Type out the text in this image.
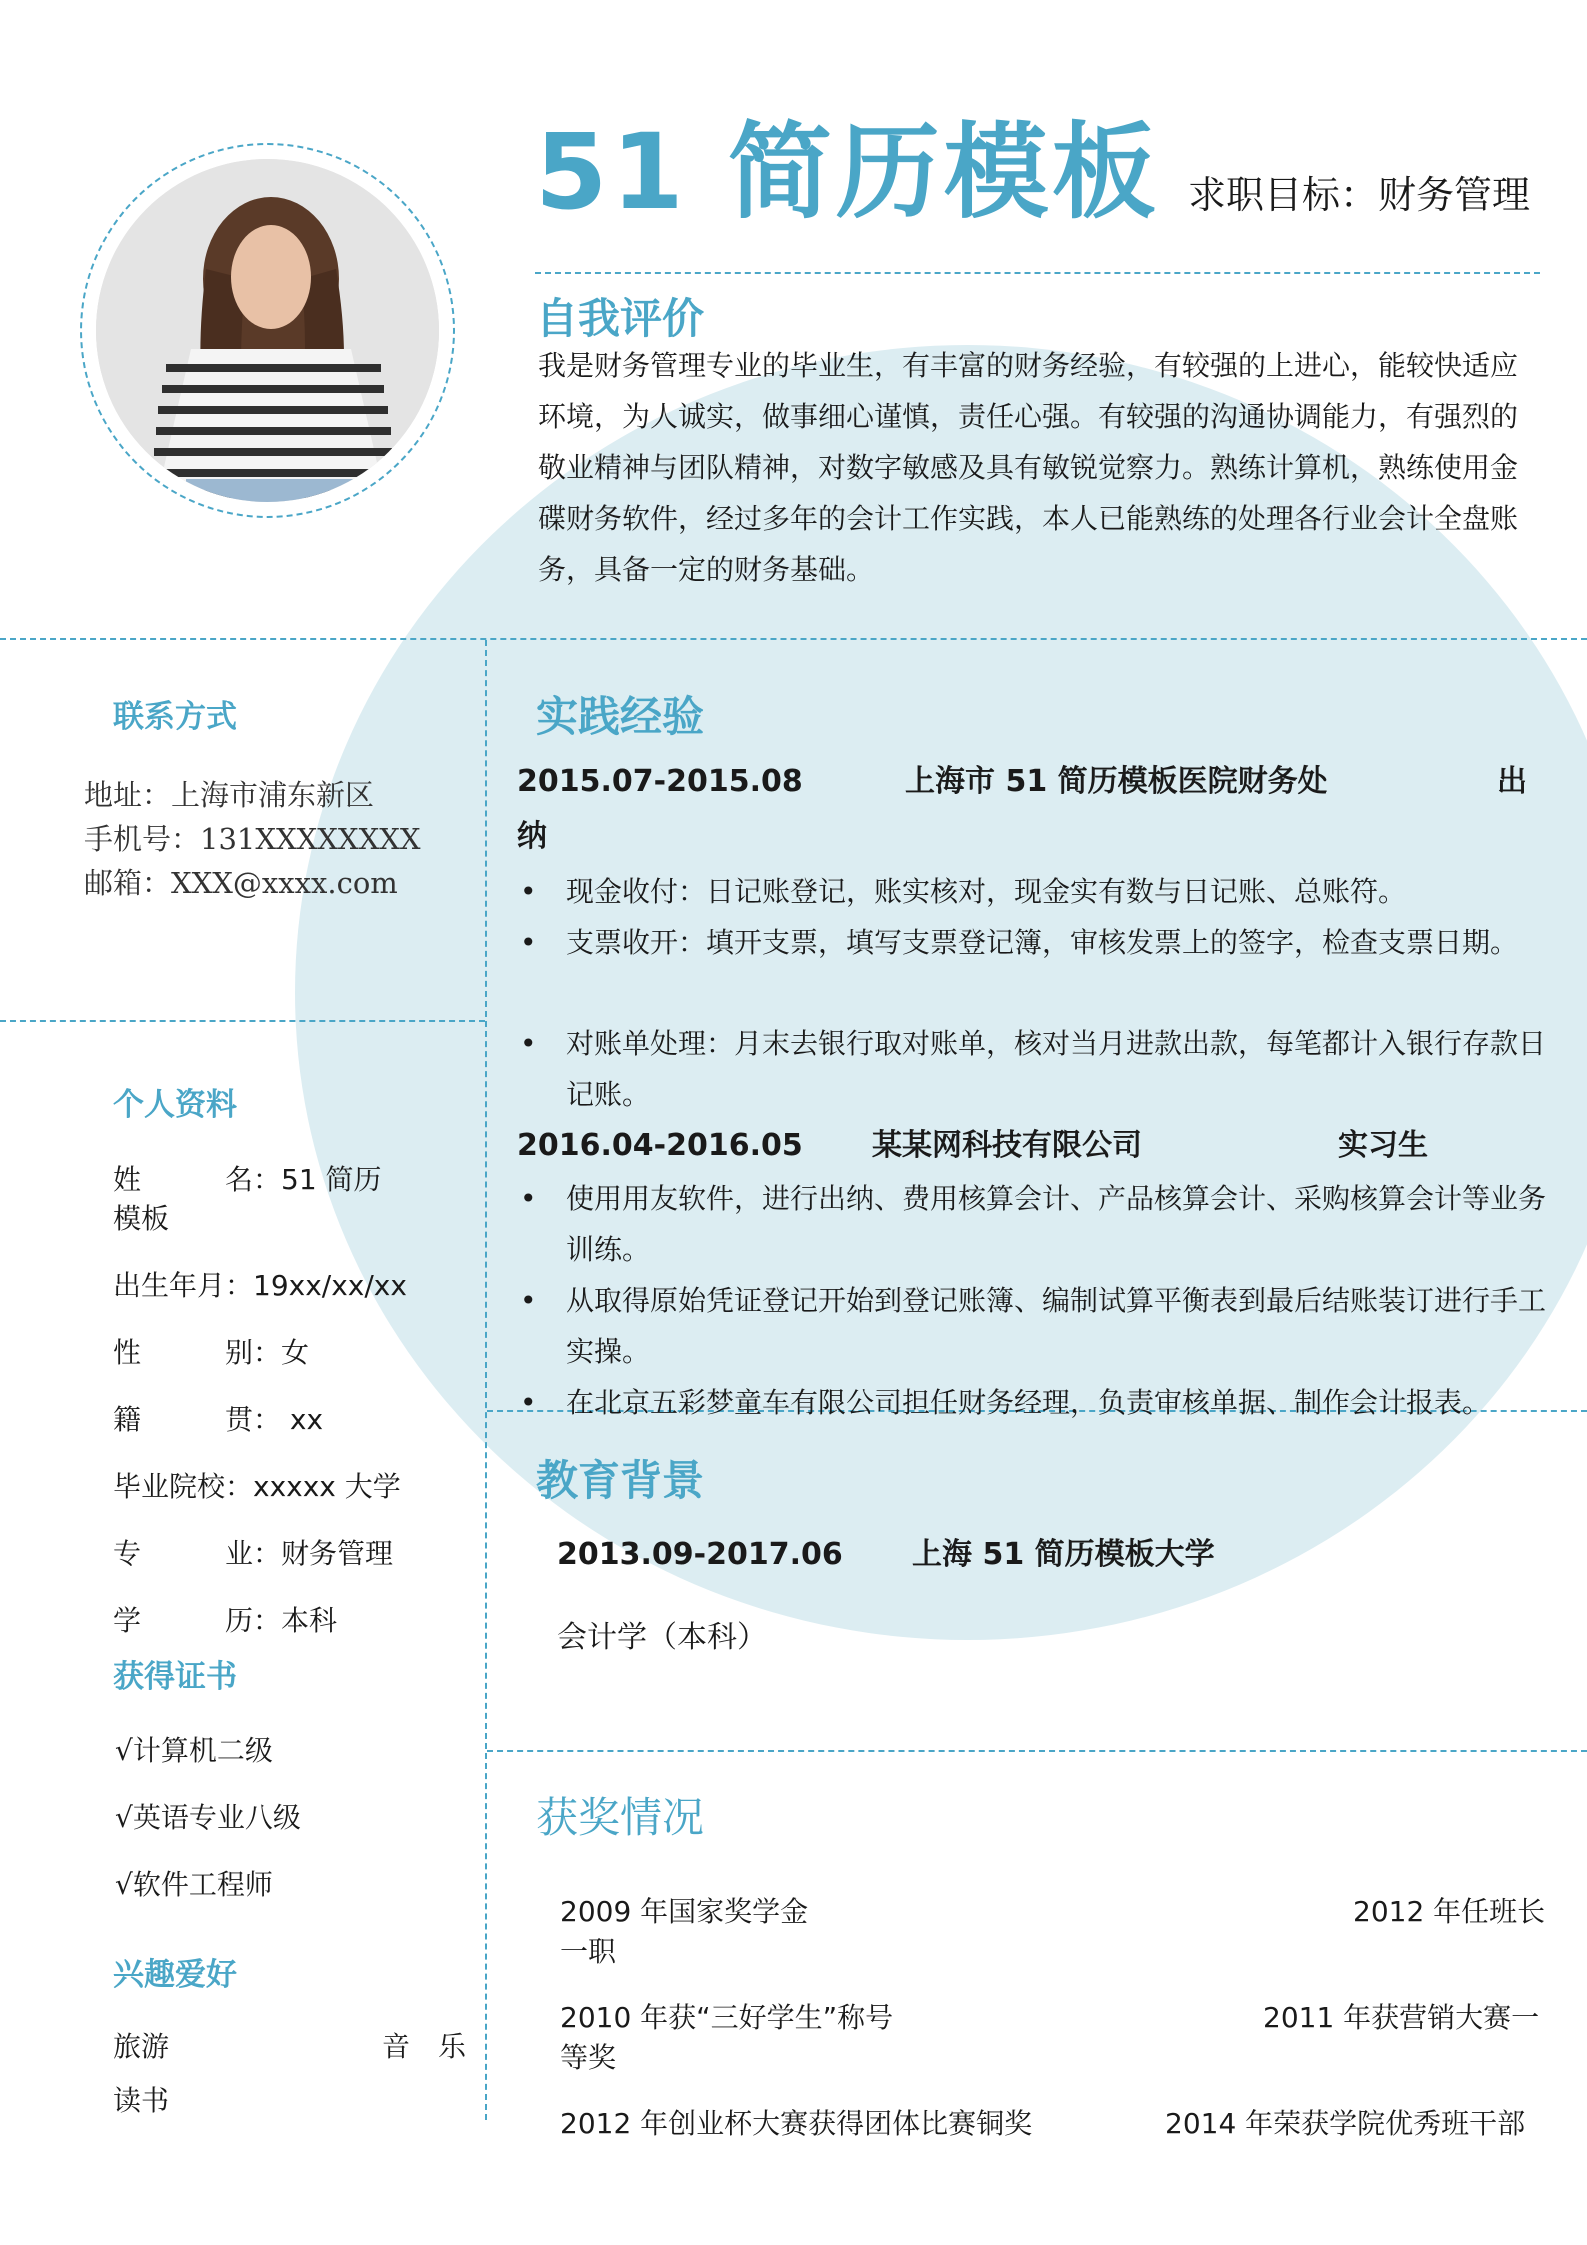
51 简历模板 求职目标：财务管理
自我评价
我是财务管理专业的毕业生，有丰富的财务经验，有较强的上进心，能较快适应环境，为人诚实，做事细心谨慎，责任心强。有较强的沟通协调能力，有强烈的敬业精神与团队精神，对数字敏感及具有敏锐觉察力。熟练计算机，熟练使用金碟财务软件，经过多年的会计工作实践，本人已能熟练的处理各行业会计全盘账务，具备一定的财务基础。
联系方式
地址：上海市浦东新区
手机号：131XXXXXXXX
邮箱：XXX@xxxx.com
个人资料
姓　　　名：51 简历
模板
出生年月：19xx/xx/xx
性　　　别：女
籍　　　贯： xx
毕业院校：xxxxx 大学
专　　　业：财务管理
学　　　历：本科
获得证书
√计算机二级
√英语专业八级
√软件工程师
兴趣爱好
旅游	音　乐
读书
实践经验
2015.07-2015.08	上海市 51 简历模板医院财务处	出
纳
• 现金收付：日记账登记，账实核对，现金实有数与日记账、总账符。
• 支票收开：填开支票，填写支票登记簿，审核发票上的签字，检查支票日期。
• 对账单处理：月末去银行取对账单，核对当月进款出款，每笔都计入银行存款日记账。
2016.04-2016.05 某某网科技有限公司	实习生
• 使用用友软件，进行出纳、费用核算会计、产品核算会计、采购核算会计等业务训练。
• 从取得原始凭证登记开始到登记账簿、编制试算平衡表到最后结账装订进行手工实操。
• 在北京五彩梦童车有限公司担任财务经理，负责审核单据、制作会计报表。
教育背景
2013.09-2017.06 上海 51 简历模板大学
会计学（本科）
获奖情况
2009 年国家奖学金	2012 年任班长
一职
2010 年获“三好学生”称号	2011 年获营销大赛一
等奖
2012 年创业杯大赛获得团体比赛铜奖	2014 年荣获学院优秀班干部
